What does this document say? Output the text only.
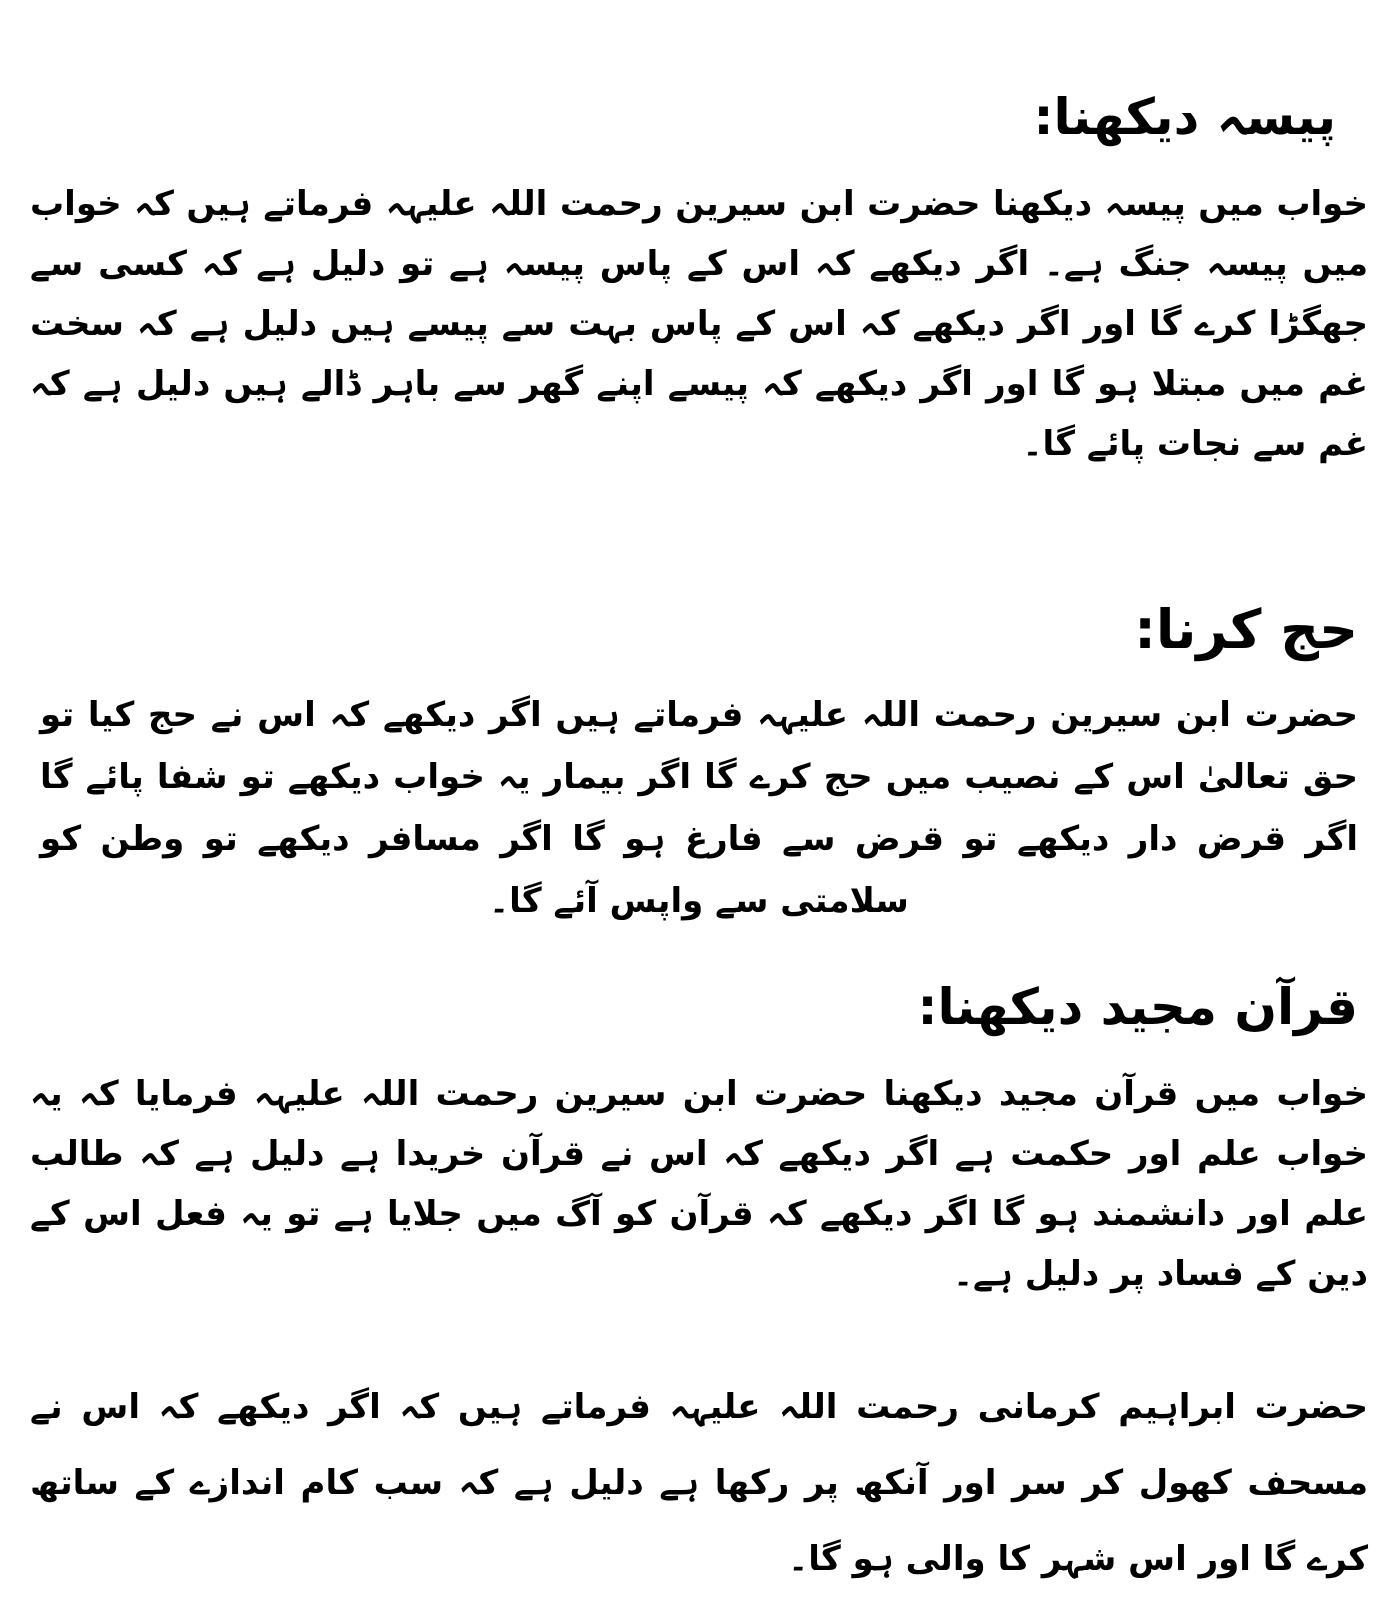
پیسہ دیکھنا:

خواب میں پیسہ دیکھنا حضرت ابن سیرین رحمت اللہ علیہہ فرماتے ہیں کہ خواب میں پیسہ جنگ ہے۔ اگر دیکھے کہ اس کے پاس پیسہ ہے تو دلیل ہے کہ کسی سے جھگڑا کرے گا اور اگر دیکھے کہ اس کے پاس بہت سے پیسے ہیں دلیل ہے کہ سخت غم میں مبتلا ہو گا اور اگر دیکھے کہ پیسے اپنے گھر سے باہر ڈالے ہیں دلیل ہے کہ غم سے نجات پائے گا۔

حج کرنا:

حضرت ابن سیرین رحمت اللہ علیہہ فرماتے ہیں اگر دیکھے کہ اس نے حج کیا تو حق تعالیٰ اس کے نصیب میں حج کرے گا اگر بیمار یہ خواب دیکھے تو شفا پائے گا اگر قرض دار دیکھے تو قرض سے فارغ ہو گا اگر مسافر دیکھے تو وطن کو سلامتی سے واپس آئے گا۔

قرآن مجید دیکھنا:

خواب میں قرآن مجید دیکھنا حضرت ابن سیرین رحمت اللہ علیہہ فرمایا کہ یہ خواب علم اور حکمت ہے اگر دیکھے کہ اس نے قرآن خریدا ہے دلیل ہے کہ طالب علم اور دانشمند ہو گا اگر دیکھے کہ قرآن کو آگ میں جلایا ہے تو یہ فعل اس کے دین کے فساد پر دلیل ہے۔

حضرت ابراہیم کرمانی رحمت اللہ علیہہ فرماتے ہیں کہ اگر دیکھے کہ اس نے مسحف کھول کر سر اور آنکھ پر رکھا ہے دلیل ہے کہ سب کام اندازے کے ساتھ کرے گا اور اس شہر کا والی ہو گا۔
